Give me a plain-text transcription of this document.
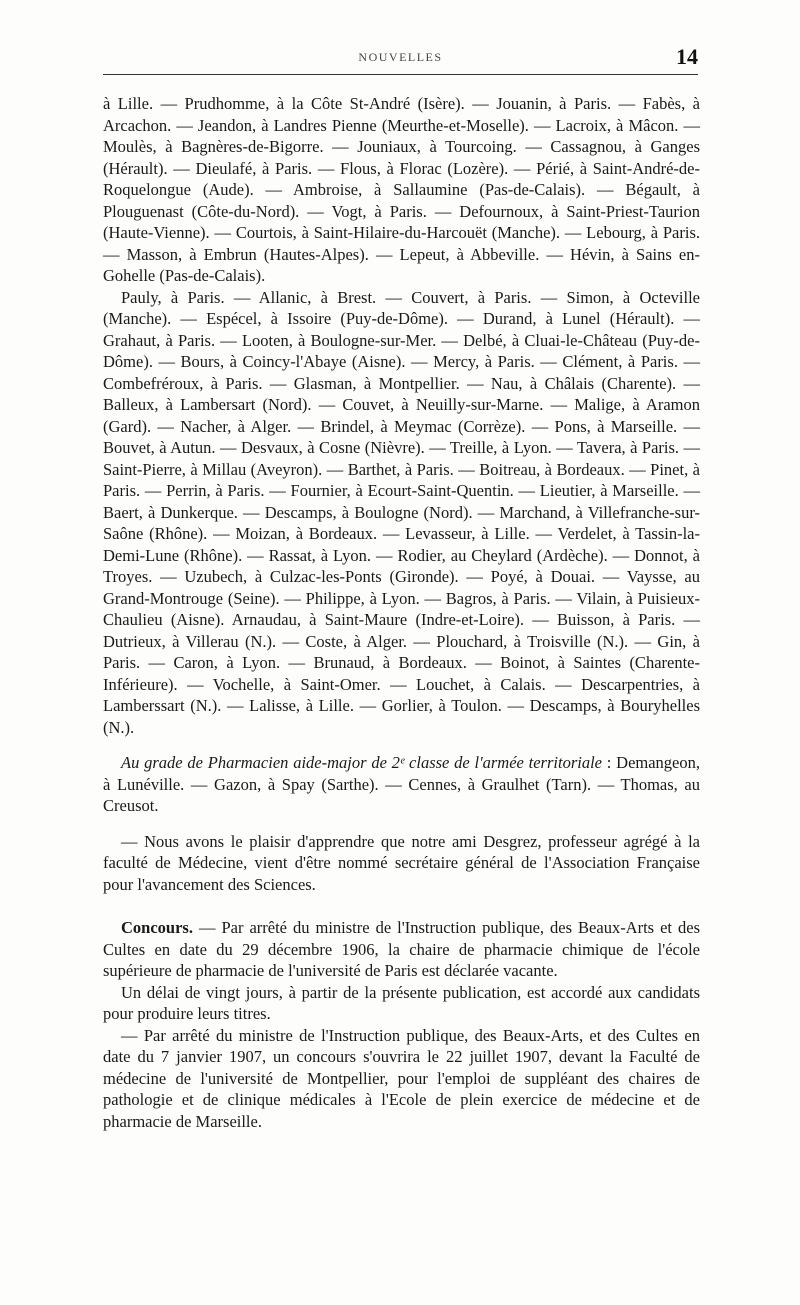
NOUVELLES	14

à Lille. — Prudhomme, à la Côte St-André (Isère). — Jouanin, à Paris. — Fabès, à Arcachon. — Jeandon, à Landres Pienne (Meurthe-et-Moselle). — Lacroix, à Mâcon. — Moulès, à Bagnères-de-Bigorre. — Jouniaux, à Tourcoing. — Cassagnou, à Ganges (Hérault). — Dieulafé, à Paris. — Flous, à Florac (Lozère). — Périé, à Saint-André-de-Roquelongue (Aude). — Ambroise, à Sallaumine (Pas-de-Calais). — Bégault, à Plouguenast (Côte-du-Nord). — Vogt, à Paris. — Defournoux, à Saint-Priest-Taurion (Haute-Vienne). — Courtois, à Saint-Hilaire-du-Harcouët (Manche). — Lebourg, à Paris. — Masson, à Embrun (Hautes-Alpes). — Lepeut, à Abbeville. — Hévin, à Sains en-Gohelle (Pas-de-Calais).

Pauly, à Paris. — Allanic, à Brest. — Couvert, à Paris. — Simon, à Octeville (Manche). — Espécel, à Issoire (Puy-de-Dôme). — Durand, à Lunel (Hérault). — Grahaut, à Paris. — Looten, à Boulogne-sur-Mer. — Delbé, à Cluai-le-Château (Puy-de-Dôme). — Bours, à Coincy-l'Abaye (Aisne). — Mercy, à Paris. — Clément, à Paris. — Combefréroux, à Paris. — Glasman, à Montpellier. — Nau, à Châlais (Charente). — Balleux, à Lambersart (Nord). — Couvet, à Neuilly-sur-Marne. — Malige, à Aramon (Gard). — Nacher, à Alger. — Brindel, à Meymac (Corrèze). — Pons, à Marseille. — Bouvet, à Autun. — Desvaux, à Cosne (Nièvre). — Treille, à Lyon. — Tavera, à Paris. — Saint-Pierre, à Millau (Aveyron). — Barthet, à Paris. — Boitreau, à Bordeaux. — Pinet, à Paris. — Perrin, à Paris. — Fournier, à Ecourt-Saint-Quentin. — Lieutier, à Marseille. — Baert, à Dunkerque. — Descamps, à Boulogne (Nord). — Marchand, à Villefranche-sur-Saône (Rhône). — Moizan, à Bordeaux. — Levasseur, à Lille. — Verdelet, à Tassin-la-Demi-Lune (Rhône). — Rassat, à Lyon. — Rodier, au Cheylard (Ardèche). — Donnot, à Troyes. — Uzubech, à Culzac-les-Ponts (Gironde). — Poyé, à Douai. — Vaysse, au Grand-Montrouge (Seine). — Philippe, à Lyon. — Bagros, à Paris. — Vilain, à Puisieux-Chaulieu (Aisne). Arnaudau, à Saint-Maure (Indre-et-Loire). — Buisson, à Paris. — Dutrieux, à Villerau (N.). — Coste, à Alger. — Plouchard, à Troisville (N.). — Gin, à Paris. — Caron, à Lyon. — Brunaud, à Bordeaux. — Boinot, à Saintes (Charente-Inférieure). — Vochelle, à Saint-Omer. — Louchet, à Calais. — Descarpentries, à Lamberssart (N.). — Lalisse, à Lille. — Gorlier, à Toulon. — Descamps, à Bouryhelles (N.).

Au grade de Pharmacien aide-major de 2ᵉ classe de l'armée territoriale : Demangeon, à Lunéville. — Gazon, à Spay (Sarthe). — Cennes, à Graulhet (Tarn). — Thomas, au Creusot.

— Nous avons le plaisir d'apprendre que notre ami Desgrez, professeur agrégé à la faculté de Médecine, vient d'être nommé secrétaire général de l'Association Française pour l'avancement des Sciences.

Concours. — Par arrêté du ministre de l'Instruction publique, des Beaux-Arts et des Cultes en date du 29 décembre 1906, la chaire de pharmacie chimique de l'école supérieure de pharmacie de l'université de Paris est déclarée vacante.

Un délai de vingt jours, à partir de la présente publication, est accordé aux candidats pour produire leurs titres.

— Par arrêté du ministre de l'Instruction publique, des Beaux-Arts, et des Cultes en date du 7 janvier 1907, un concours s'ouvrira le 22 juillet 1907, devant la Faculté de médecine de l'université de Montpellier, pour l'emploi de suppléant des chaires de pathologie et de clinique médicales à l'Ecole de plein exercice de médecine et de pharmacie de Marseille.
